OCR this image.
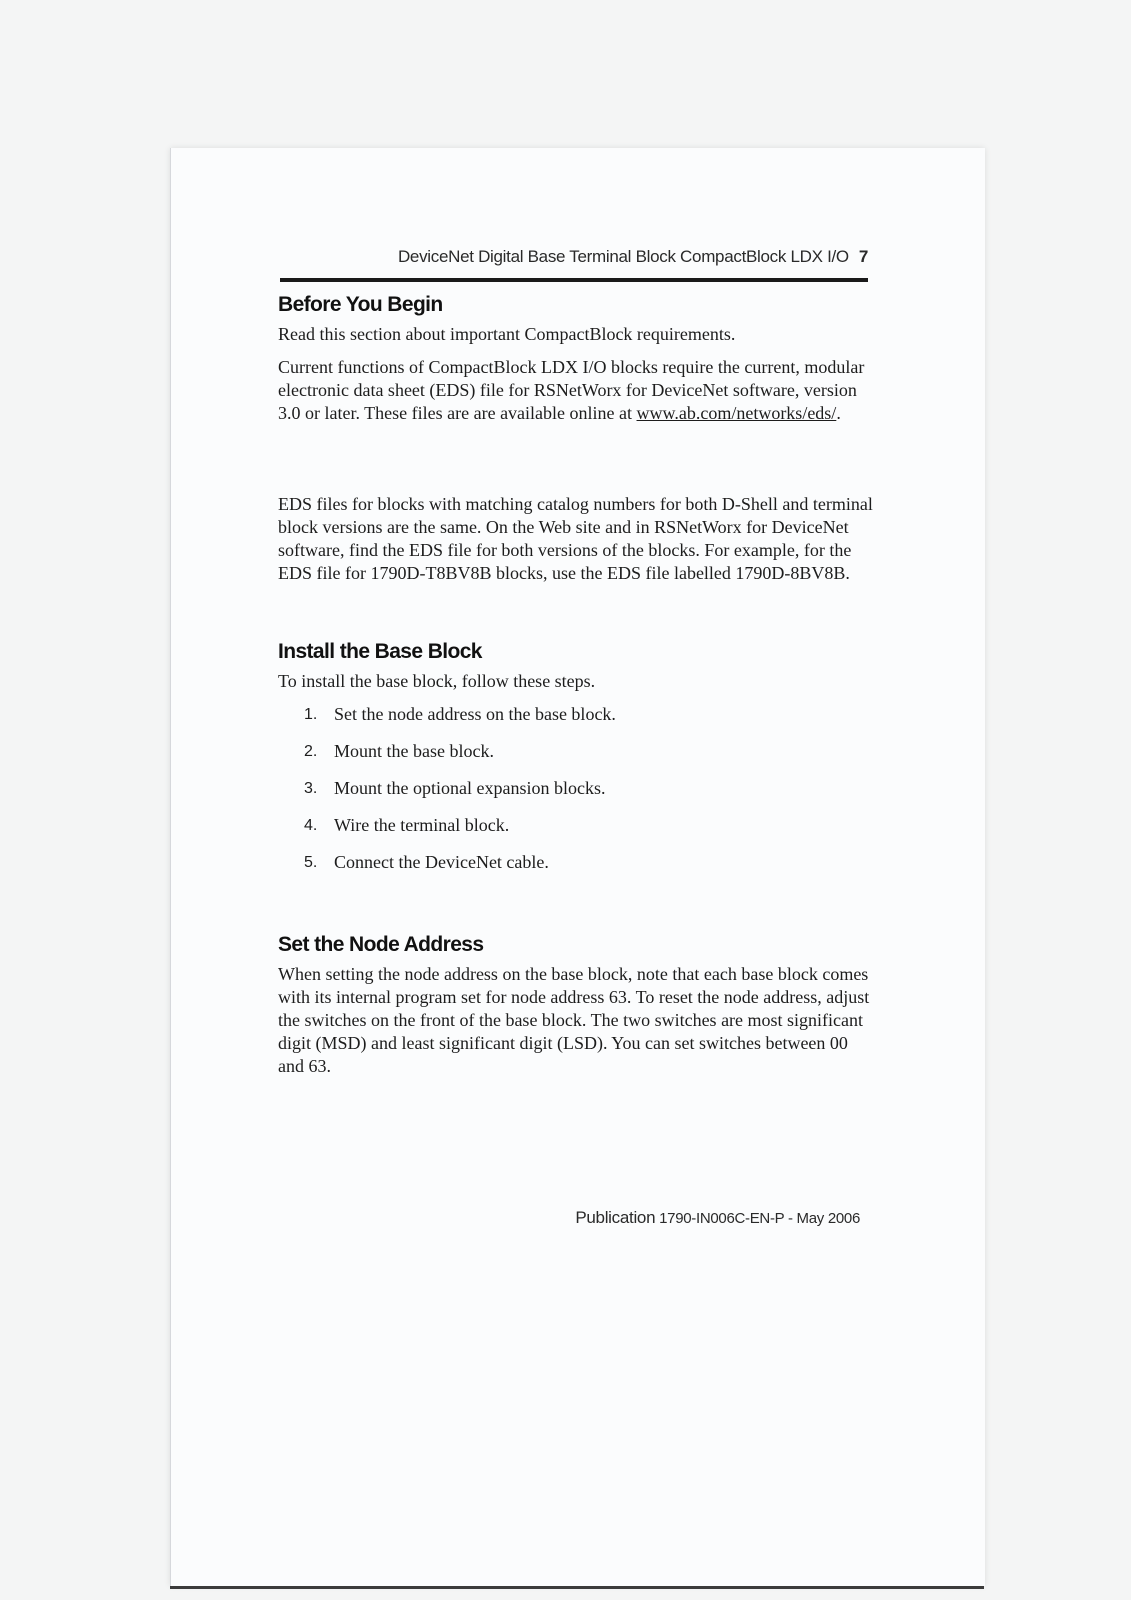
DeviceNet Digital Base Terminal Block CompactBlock LDX I/O 7
Before You Begin

Read this section about important CompactBlock requirements.

Current functions of CompactBlock LDX I/O blocks require the current, modular electronic data sheet (EDS) file for RSNetWorx for DeviceNet software, version 3.0 or later. These files are are available online at www.ab.com/networks/eds/.

EDS files for blocks with matching catalog numbers for both D-Shell and terminal block versions are the same. On the Web site and in RSNetWorx for DeviceNet software, find the EDS file for both versions of the blocks. For example, for the EDS file for 1790D-T8BV8B blocks, use the EDS file labelled 1790D-8BV8B.

Install the Base Block

To install the base block, follow these steps.

1. Set the node address on the base block.
2. Mount the base block.
3. Mount the optional expansion blocks.
4. Wire the terminal block.
5. Connect the DeviceNet cable.
Set the Node Address

When setting the node address on the base block, note that each base block comes with its internal program set for node address 63. To reset the node address, adjust the switches on the front of the base block. The two switches are most significant digit (MSD) and least significant digit (LSD). You can set switches between 00 and 63.

Publication 1790-IN006C-EN-P - May 2006
